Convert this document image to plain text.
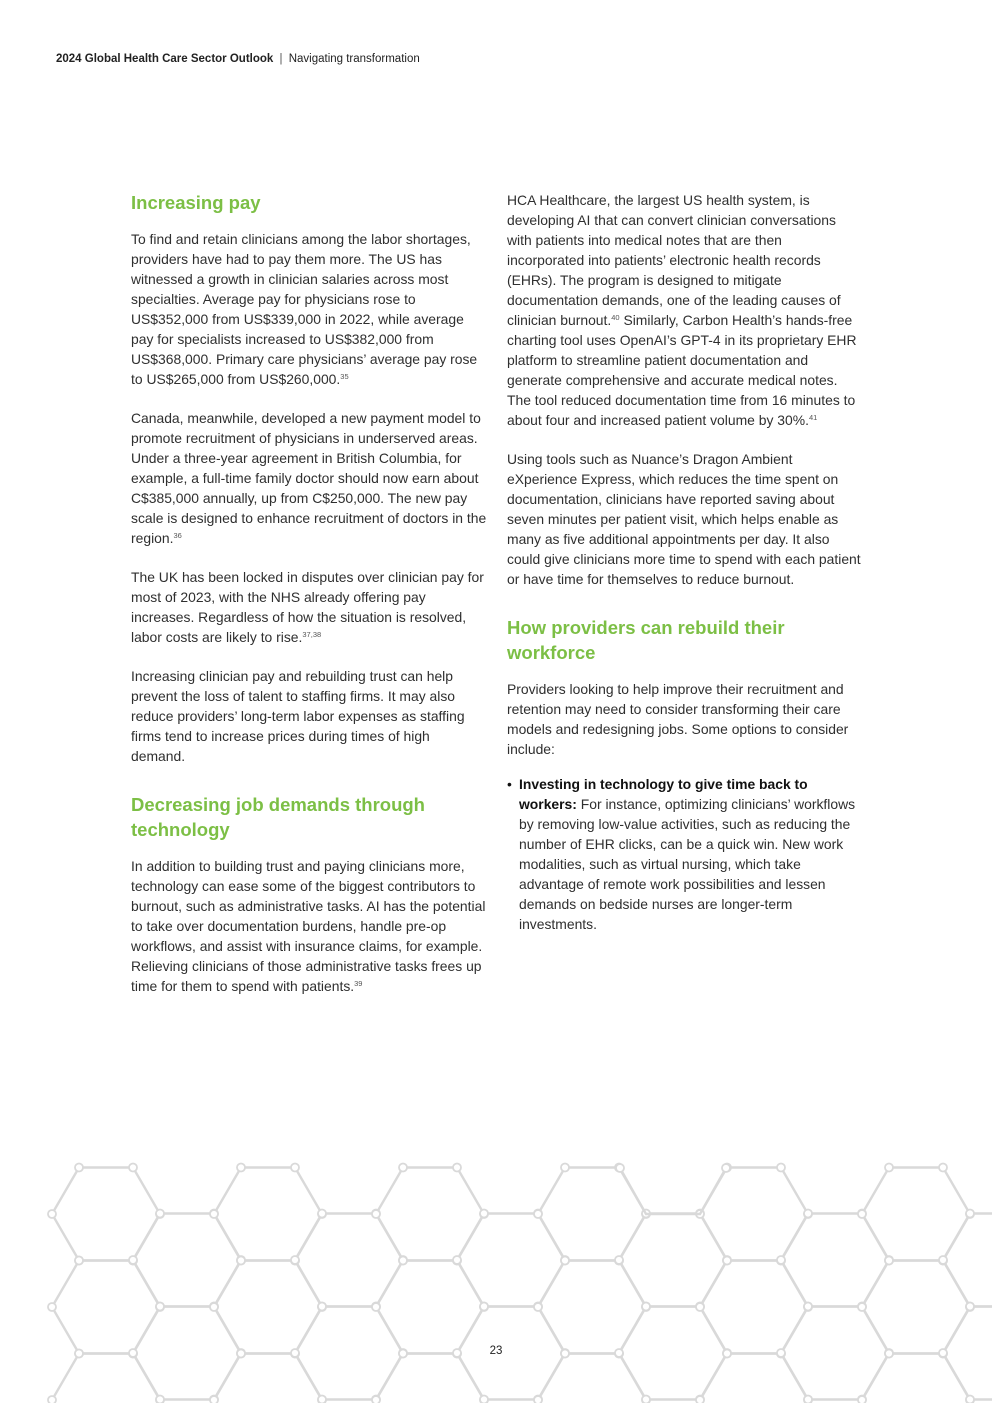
2024 Global Health Care Sector Outlook | Navigating transformation
Increasing pay

To find and retain clinicians among the labor shortages, providers have had to pay them more. The US has witnessed a growth in clinician salaries across most specialties. Average pay for physicians rose to US$352,000 from US$339,000 in 2022, while average pay for specialists increased to US$382,000 from US$368,000. Primary care physicians’ average pay rose to US$265,000 from US$260,000.35

Canada, meanwhile, developed a new payment model to promote recruitment of physicians in underserved areas. Under a three-year agreement in British Columbia, for example, a full-time family doctor should now earn about C$385,000 annually, up from C$250,000. The new pay scale is designed to enhance recruitment of doctors in the region.$^{36}$

The UK has been locked in disputes over clinician pay for most of 2023, with the NHS already offering pay increases. Regardless of how the situation is resolved, labor costs are likely to rise.$^{37,38}$

Increasing clinician pay and rebuilding trust can help prevent the loss of talent to staffing firms. It may also reduce providers’ long-term labor expenses as staffing firms tend to increase prices during times of high demand.

Decreasing job demands through technology

In addition to building trust and paying clinicians more, technology can ease some of the biggest contributors to burnout, such as administrative tasks. AI has the potential to take over documentation burdens, handle pre-op workflows, and assist with insurance claims, for example. Relieving clinicians of those administrative tasks frees up time for them to spend with patients.$^{39}$

HCA Healthcare, the largest US health system, is developing AI that can convert clinician conversations with patients into medical notes that are then incorporated into patients’ electronic health records (EHRs). The program is designed to mitigate documentation demands, one of the leading causes of clinician burnout.$^{40}$ Similarly, Carbon Health’s hands-free charting tool uses OpenAI’s GPT-4 in its proprietary EHR platform to streamline patient documentation and generate comprehensive and accurate medical notes. The tool reduced documentation time from 16 minutes to about four and increased patient volume by 30%.$^{41}$

Using tools such as Nuance’s Dragon Ambient eXperience Express, which reduces the time spent on documentation, clinicians have reported saving about seven minutes per patient visit, which helps enable as many as five additional appointments per day. It also could give clinicians more time to spend with each patient or have time for themselves to reduce burnout.

How providers can rebuild their workforce

Providers looking to help improve their recruitment and retention may need to consider transforming their care models and redesigning jobs. Some options to consider include:

• Investing in technology to give time back to workers: For instance, optimizing clinicians’ workflows by removing low-value activities, such as reducing the number of EHR clicks, can be a quick win. New work modalities, such as virtual nursing, which take advantage of remote work possibilities and lessen demands on bedside nurses are longer-term investments.
23
